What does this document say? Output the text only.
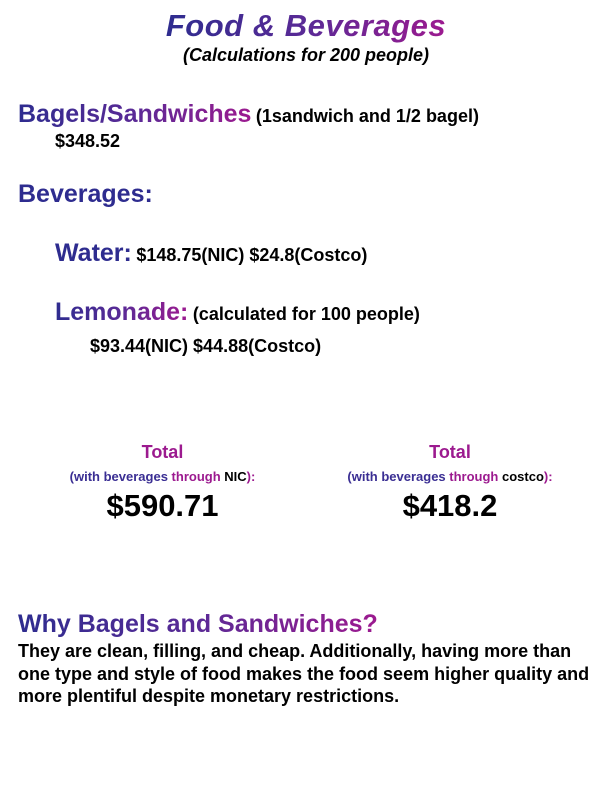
Food & Beverages
(Calculations for 200 people)
Bagels/Sandwiches (1sandwich and 1/2 bagel)
$348.52
Beverages:
Water: $148.75(NIC) $24.8(Costco)
Lemonade: (calculated for 100 people)
$93.44(NIC) $44.88(Costco)
Total
(with beverages through NIC):
$590.71
Total
(with beverages through costco):
$418.2
Why Bagels and Sandwiches?
They are clean, filling, and cheap. Additionally, having more than one type and style of food makes the food seem higher quality and more plentiful despite monetary restrictions.
